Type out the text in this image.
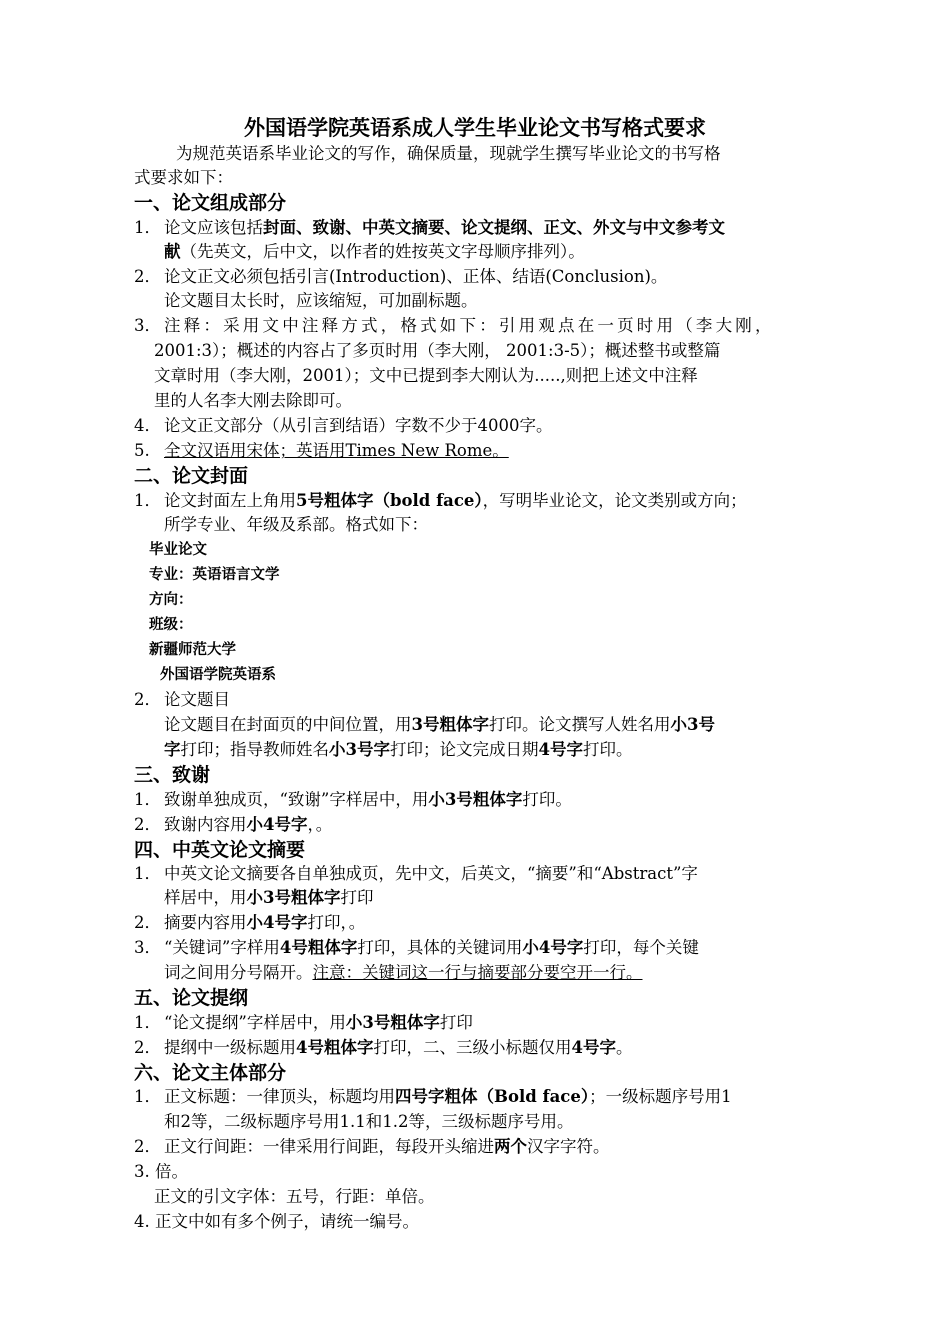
外国语学院英语系成人学生毕业论文书写格式要求
为规范英语系毕业论文的写作，确保质量，现就学生撰写毕业论文的书写格
式要求如下：
一、论文组成部分
1． 论文应该包括封面、致谢、中英文摘要、论文提纲、正文、外文与中文参考文
献（先英文，后中文，以作者的姓按英文字母顺序排列）。
2． 论文正文必须包括引言(Introduction)、正体、结语(Conclusion)。
论文题目太长时，应该缩短，可加副标题。
3． 注释：采用文中注释方式，格式如下：引用观点在一页时用（李大刚，
2001:3）；概述的内容占了多页时用（李大刚， 2001:3-5）；概述整书或整篇
文章时用（李大刚，2001）；文中已提到李大刚认为.....,则把上述文中注释
里的人名李大刚去除即可。
4． 论文正文部分（从引言到结语）字数不少于4000字。
5. 全文汉语用宋体；英语用Times New Rome。
二、论文封面
1． 论文封面左上角用5号粗体字（bold face），写明毕业论文，论文类别或方向；
所学专业、年级及系部。格式如下：
毕业论文
专业：英语语言文学
方向：
班级：
新疆师范大学
外国语学院英语系
2． 论文题目
论文题目在封面页的中间位置，用3号粗体字打印。论文撰写人姓名用小3号
字打印；指导教师姓名小3号字打印；论文完成日期4号字打印。
三、致谢
1． 致谢单独成页，“致谢”字样居中，用小3号粗体字打印。
2． 致谢内容用小4号字，。
四、中英文论文摘要
1． 中英文论文摘要各自单独成页，先中文，后英文，“摘要”和“Abstract”字
样居中，用小3号粗体字打印
2． 摘要内容用小4号字打印，。
3． “关键词”字样用4号粗体字打印，具体的关键词用小4号字打印，每个关键
词之间用分号隔开。注意：关键词这一行与摘要部分要空开一行。
五、论文提纲
1． “论文提纲”字样居中，用小3号粗体字打印
2． 提纲中一级标题用4号粗体字打印，二、三级小标题仅用4号字。
六、论文主体部分
1． 正文标题：一律顶头，标题均用四号字粗体（Bold face）；一级标题序号用1
和2等，二级标题序号用1.1和1.2等，三级标题序号用。
2． 正文行间距：一律采用行间距，每段开头缩进两个汉字字符。
3. 倍。
正文的引文字体：五号，行距：单倍。
4. 正文中如有多个例子，请统一编号。
